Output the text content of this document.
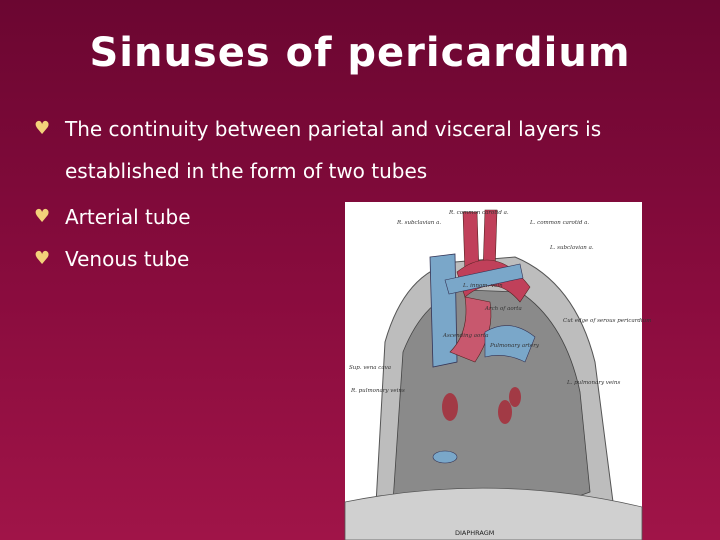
Sinuses of pericardium
♥ The continuity between parietal and visceral layers is established in the form of two tubes
♥ Arterial tube
♥ Venous tube
R. common carotid a.
L. common carotid a.
R. subclavian a.
L. subclavian a.
L. innom. vein
Arch of aorta
Cut edge of serous pericardium
Ascending aorta
Pulmonary artery
Sup. vena cava
R. pulmonary veins
L. pulmonary veins
DIAPHRAGM
